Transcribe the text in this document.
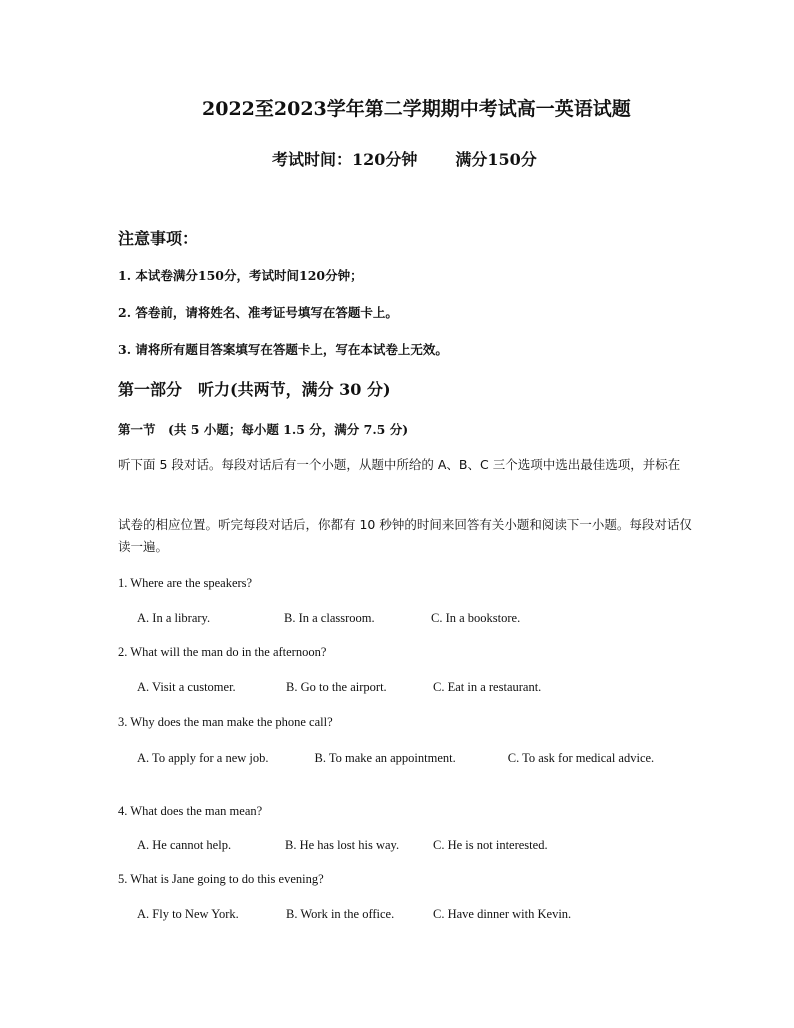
2022至2023学年第二学期期中考试高一英语试题
考试时间：120分钟 满分150分
注意事项：
1. 本试卷满分150分，考试时间120分钟；
2. 答卷前，请将姓名、准考证号填写在答题卡上。
3. 请将所有题目答案填写在答题卡上，写在本试卷上无效。
第一部分　听力(共两节，满分 30 分)
第一节　(共 5 小题；每小题 1.5 分，满分 7.5 分)
听下面 5 段对话。每段对话后有一个小题，从题中所给的 A、B、C 三个选项中选出最佳选项，并标在
试卷的相应位置。听完每段对话后，你都有 10 秒钟的时间来回答有关小题和阅读下一小题。每段对话仅读一遍。
1. Where are the speakers?
A. In a library.	B. In a classroom.	C. In a bookstore.
2. What will the man do in the afternoon?
A. Visit a customer.	B. Go to the airport.	C. Eat in a restaurant.
3. Why does the man make the phone call?
A. To apply for a new job.	B. To make an appointment.	C. To ask for medical advice.
4. What does the man mean?
A. He cannot help.	B. He has lost his way.	C. He is not interested.
5. What is Jane going to do this evening?
A. Fly to New York.	B. Work in the office.	C. Have dinner with Kevin.
